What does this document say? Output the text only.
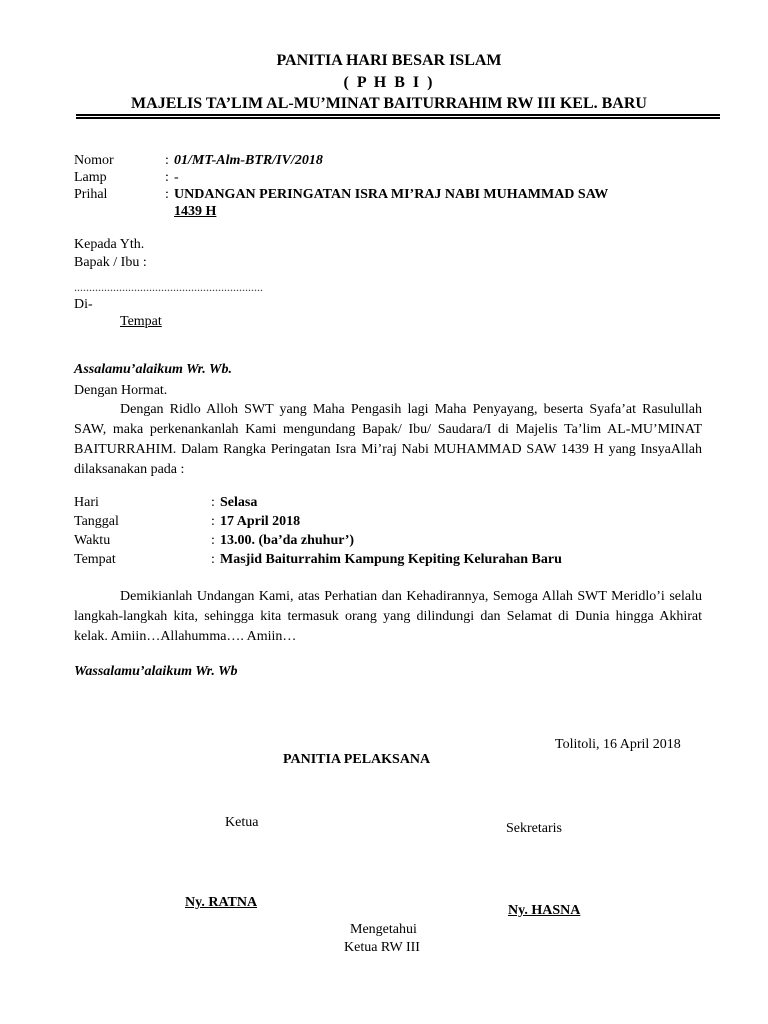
PANITIA HARI BESAR ISLAM
( P H B I )
MAJELIS TA’LIM AL-MU’MINAT BAITURRAHIM RW III KEL. BARU
Nomor	: 01/MT-Alm-BTR/IV/2018
Lamp	: -
Prihal	: UNDANGAN PERINGATAN ISRA MI’RAJ NABI MUHAMMAD SAW
1439 H
Kepada Yth.
Bapak / Ibu :
...............................................................
Di-
Tempat
Assalamu’alaikum Wr. Wb.
Dengan Hormat.
Dengan Ridlo Alloh SWT yang Maha Pengasih lagi Maha Penyayang, beserta Syafa’at Rasulullah SAW, maka perkenankanlah Kami mengundang Bapak/ Ibu/ Saudara/I di Majelis Ta’lim AL-MU’MINAT BAITURRAHIM. Dalam Rangka Peringatan Isra Mi’raj Nabi MUHAMMAD SAW 1439 H yang InsyaAllah dilaksanakan pada :
Hari	: Selasa
Tanggal	: 17 April 2018
Waktu	: 13.00. (ba’da zhuhur’)
Tempat	: Masjid Baiturrahim Kampung Kepiting Kelurahan Baru
Demikianlah Undangan Kami, atas Perhatian dan Kehadirannya, Semoga Allah SWT Meridlo’i selalu langkah-langkah kita, sehingga kita termasuk orang yang dilindungi dan Selamat di Dunia hingga Akhirat kelak. Amiin…Allahumma…. Amiin…
Wassalamu’alaikum Wr. Wb
Tolitoli, 16 April 2018
PANITIA PELAKSANA
Ketua	Sekretaris
Ny. RATNA
Ny. HASNA
Mengetahui
Ketua RW III
